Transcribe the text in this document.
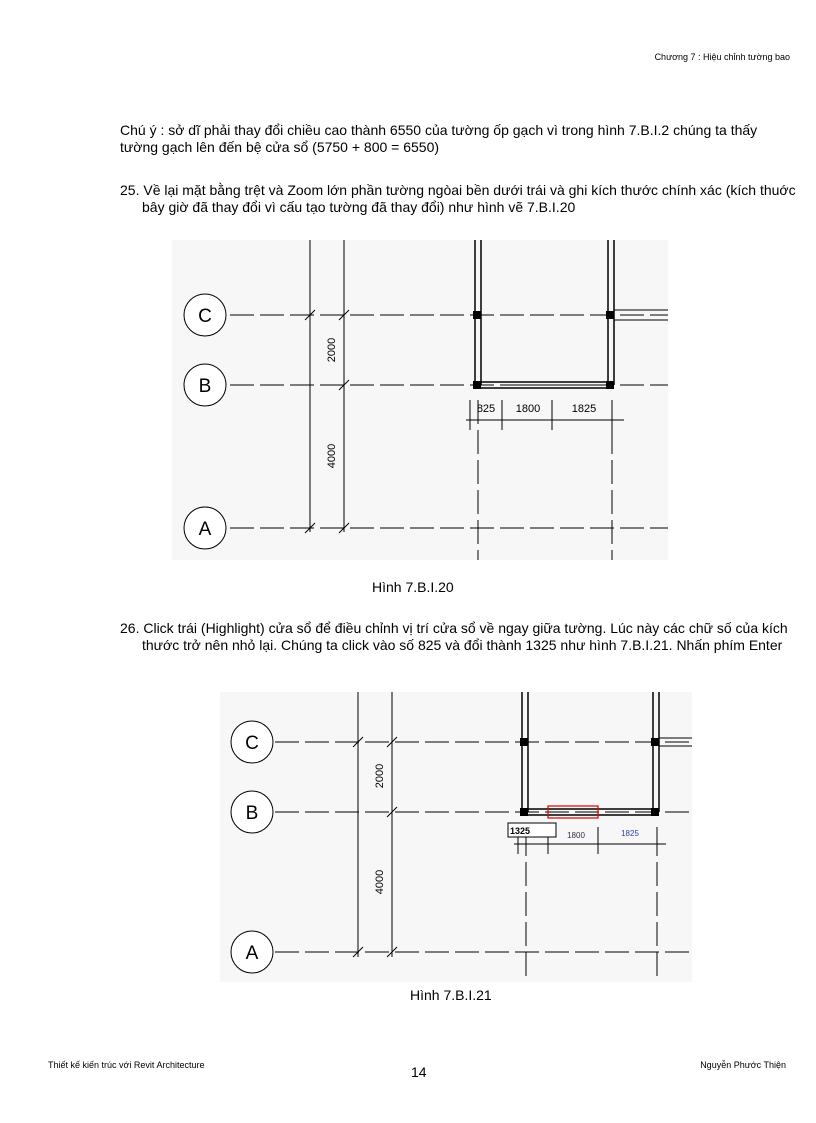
Chương 7 : Hiệu chỉnh tường bao
Chú ý : sở dĩ phải thay đổi chiều cao thành 6550 của tường ốp gạch vì trong hình 7.B.I.2 chúng ta thấy tường gạch lên đến bệ cửa sổ (5750 + 800 = 6550)
25. Về lại mặt bằng trệt và Zoom lớn phần tường ngòai bền dưới trái và ghi kích thước chính xác (kích thuớc bây giờ đã thay đổi vì cấu tạo tường đã thay đổi) như hình vẽ 7.B.I.20
C
B
A
2000
4000
825 1800	1825
Hình 7.B.I.20
26. Click trái (Highlight) cửa sổ để điều chỉnh vị trí cửa sổ về ngay giữa tường. Lúc này các chữ số của kích thước trở nên nhỏ lại. Chúng ta click vào số 825 và đổi thành 1325 như hình 7.B.I.21. Nhấn phím Enter
1325	1800	1825
C
B
A
2000
4000
Hình 7.B.I.21
Thiết kế kiến trúc với Revit Architecture	14	Nguyễn Phước Thiện
